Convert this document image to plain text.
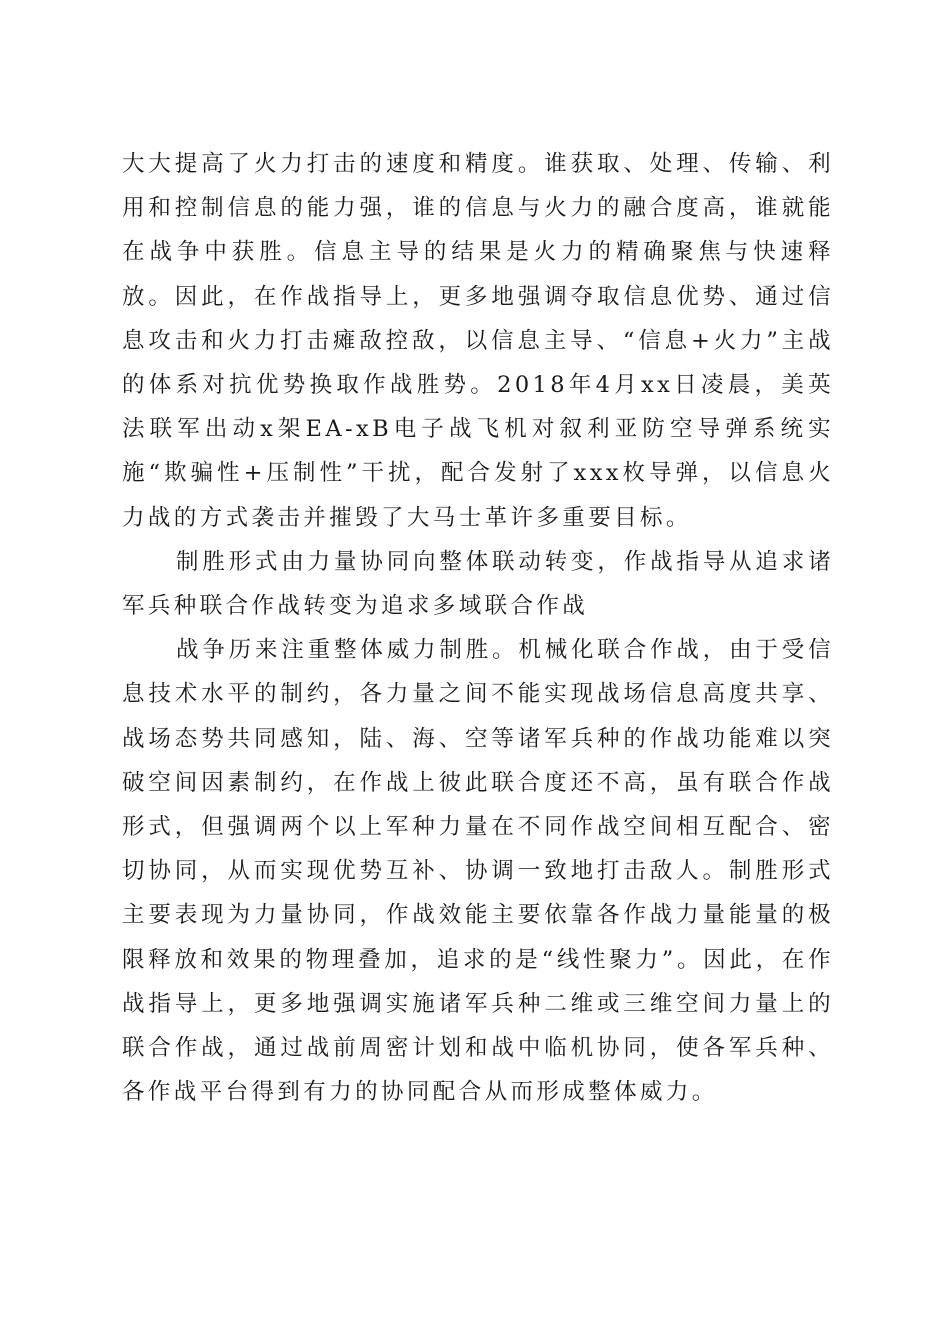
大大提高了火力打击的速度和精度。谁获取、处理、传输、利用和控制信息的能力强，谁的信息与火力的融合度高，谁就能在战争中获胜。信息主导的结果是火力的精确聚焦与快速释放。因此，在作战指导上，更多地强调夺取信息优势、通过信息攻击和火力打击瘫敌控敌，以信息主导、“信息+火力”主战的体系对抗优势换取作战胜势。2018年4月xx日凌晨，美英法联军出动x架EA-xB电子战飞机对叙利亚防空导弹系统实施“欺骗性+压制性”干扰，配合发射了xxx枚导弹，以信息火力战的方式袭击并摧毁了大马士革许多重要目标。

制胜形式由力量协同向整体联动转变，作战指导从追求诸军兵种联合作战转变为追求多域联合作战

战争历来注重整体威力制胜。机械化联合作战，由于受信息技术水平的制约，各力量之间不能实现战场信息高度共享、战场态势共同感知，陆、海、空等诸军兵种的作战功能难以突破空间因素制约，在作战上彼此联合度还不高，虽有联合作战形式，但强调两个以上军种力量在不同作战空间相互配合、密切协同，从而实现优势互补、协调一致地打击敌人。制胜形式主要表现为力量协同，作战效能主要依靠各作战力量能量的极限释放和效果的物理叠加，追求的是“线性聚力”。因此，在作战指导上，更多地强调实施诸军兵种二维或三维空间力量上的联合作战，通过战前周密计划和战中临机协同，使各军兵种、各作战平台得到有力的协同配合从而形成整体威力。
